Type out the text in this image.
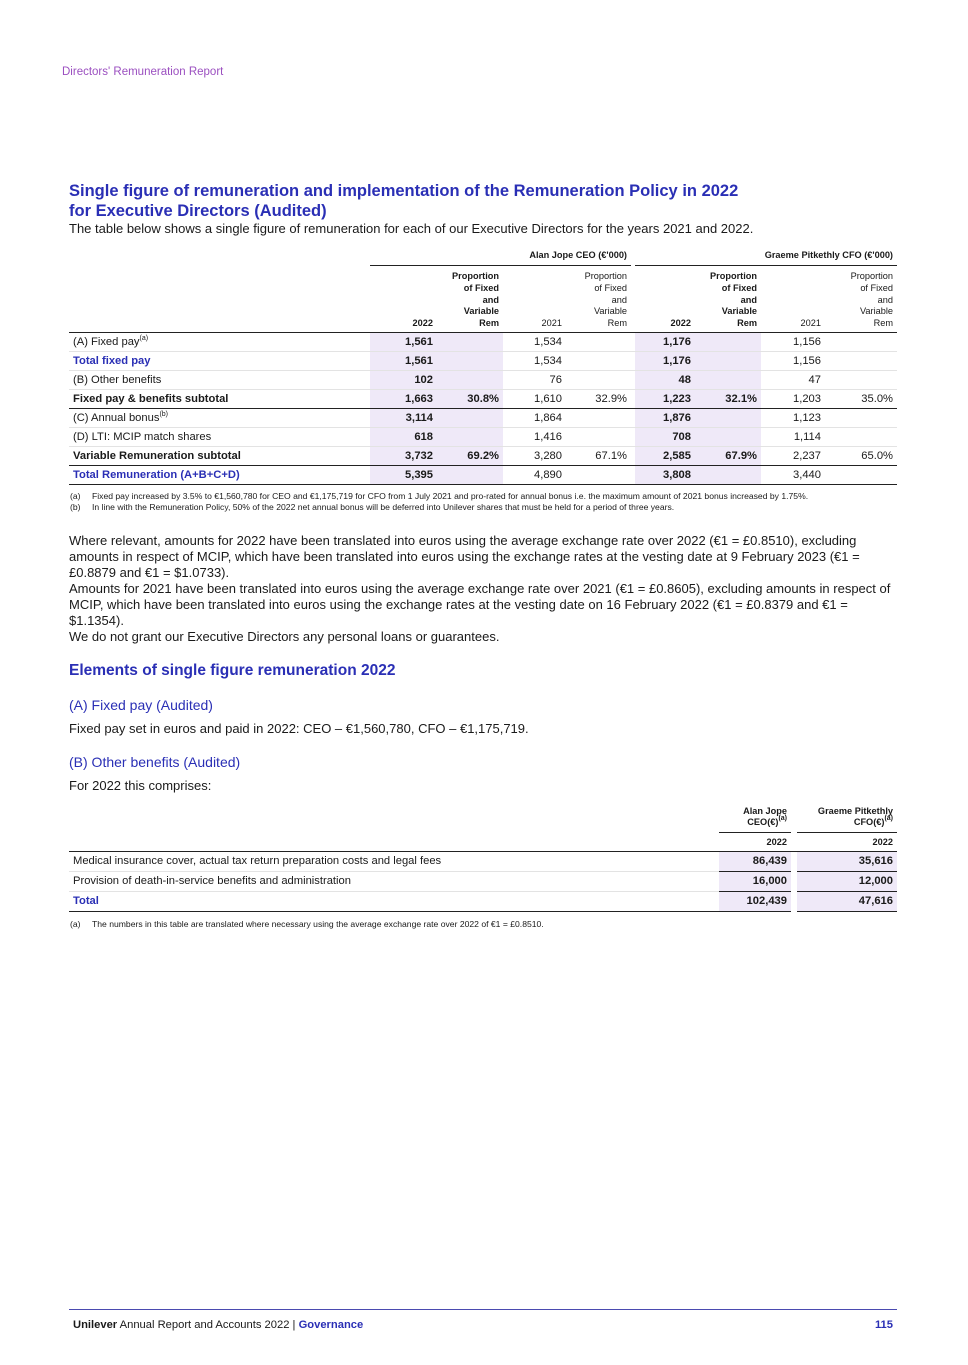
Directors' Remuneration Report
Single figure of remuneration and implementation of the Remuneration Policy in 2022
for Executive Directors (Audited)

The table below shows a single figure of remuneration for each of our Executive Directors for the years 2021 and 2022.

	Alan Jope CEO (€'000)					Graeme Pitkethly CFO (€'000)			
	2022	Proportion
of Fixed
and
Variable
Rem	2021	Proportion
of Fixed
and
Variable
Rem		2022	Proportion
of Fixed
and
Variable
Rem	2021	Proportion
of Fixed
and
Variable
Rem
(A) Fixed pay$^{(a)}$	1,561		1,534			1,176		1,156	
Total fixed pay	1,561		1,534			1,176		1,156	
(B) Other benefits	102		76			48		47	
Fixed pay & benefits subtotal	1,663	30.8%	1,610	32.9%		1,223	32.1%	1,203	35.0%
(C) Annual bonus$^{(b)}$	3,114		1,864			1,876		1,123	
(D) LTI: MCIP match shares	618		1,416			708		1,114	
Variable Remuneration subtotal	3,732	69.2%	3,280	67.1%		2,585	67.9%	2,237	65.0%
Total Remuneration (A+B+C+D)	5,395		4,890			3,808		3,440	
(a)	Fixed pay increased by 3.5% to €1,560,780 for CEO and €1,175,719 for CFO from 1 July 2021 and pro-rated for annual bonus i.e. the maximum amount of 2021 bonus increased by 1.75%.
(b)	In line with the Remuneration Policy, 50% of the 2022 net annual bonus will be deferred into Unilever shares that must be held for a period of three years.

Where relevant, amounts for 2022 have been translated into euros using the average exchange rate over 2022 (€1 = £0.8510), excluding amounts in respect of MCIP, which have been translated into euros using the exchange rates at the vesting date at 9 February 2023 (€1 = £0.8879 and €1 = $1.0733).

Amounts for 2021 have been translated into euros using the average exchange rate over 2021 (€1 = £0.8605), excluding amounts in respect of MCIP, which have been translated into euros using the exchange rates at the vesting date on 16 February 2022 (€1 = £0.8379 and €1 = $1.1354).

We do not grant our Executive Directors any personal loans or guarantees.

Elements of single figure remuneration 2022
(A) Fixed pay (Audited)

Fixed pay set in euros and paid in 2022: CEO – €1,560,780, CFO – €1,175,719.

(B) Other benefits (Audited)

For 2022 this comprises:

	Alan Jope
CEO(€)$^{(a)}$		Graeme Pitkethly
CFO(€)$^{(a)}$
	2022		2022
Medical insurance cover, actual tax return preparation costs and legal fees	86,439		35,616
Provision of death-in-service benefits and administration	16,000		12,000
Total	102,439		47,616
(a)	The numbers in this table are translated where necessary using the average exchange rate over 2022 of €1 = £0.8510.
Unilever Annual Report and Accounts 2022 | Governance	115
